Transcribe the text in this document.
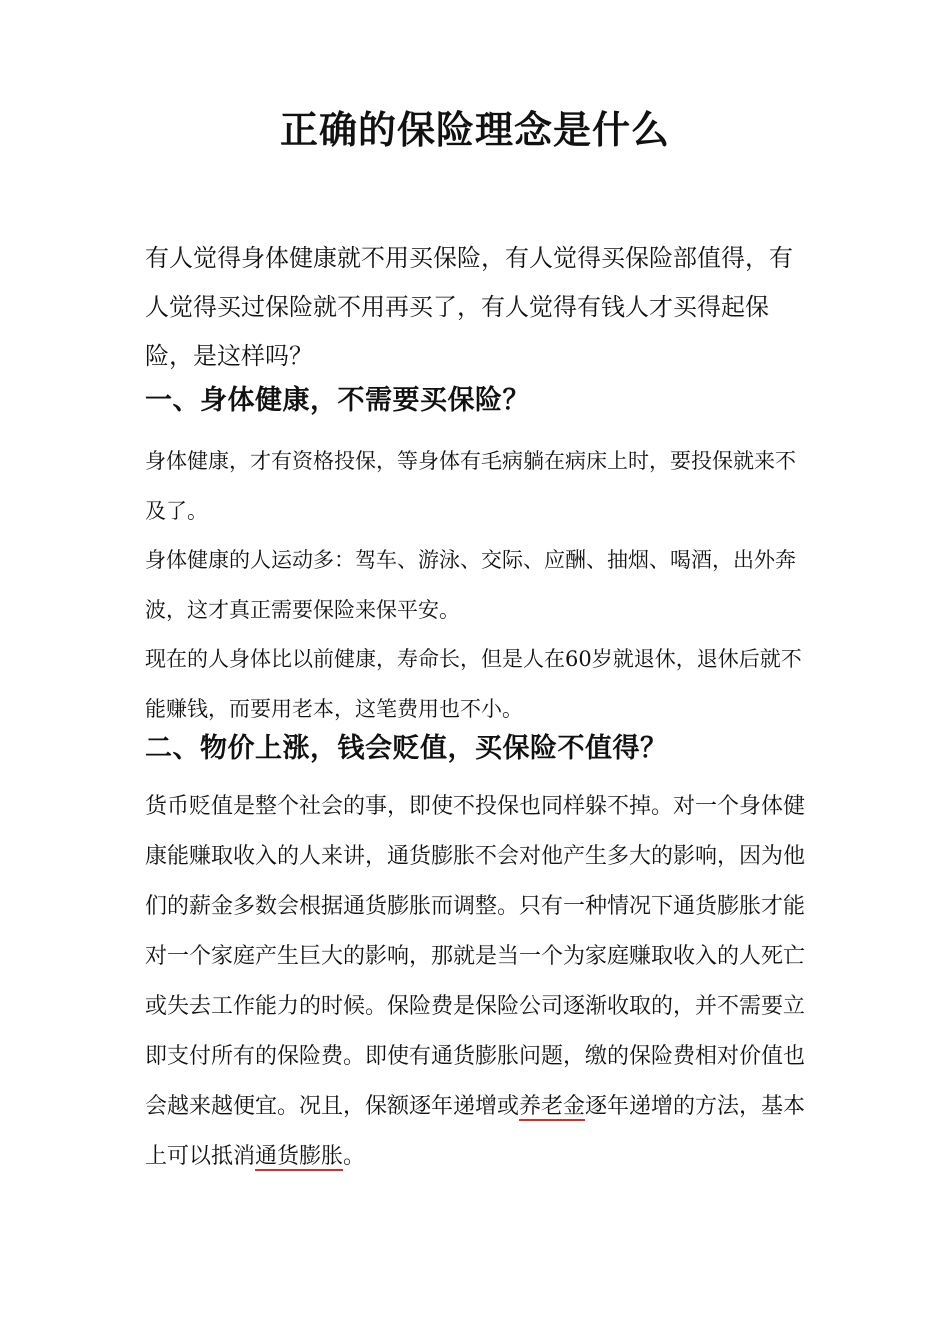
正确的保险理念是什么

有人觉得身体健康就不用买保险，有人觉得买保险部值得，有人觉得买过保险就不用再买了，有人觉得有钱人才买得起保险，是这样吗？

一、身体健康，不需要买保险？

身体健康，才有资格投保，等身体有毛病躺在病床上时，要投保就来不及了。

身体健康的人运动多：驾车、游泳、交际、应酬、抽烟、喝酒，出外奔波，这才真正需要保险来保平安。

现在的人身体比以前健康，寿命长，但是人在60岁就退休，退休后就不能赚钱，而要用老本，这笔费用也不小。

二、物价上涨，钱会贬值，买保险不值得？

货币贬值是整个社会的事，即使不投保也同样躲不掉。对一个身体健康能赚取收入的人来讲，通货膨胀不会对他产生多大的影响，因为他们的薪金多数会根据通货膨胀而调整。只有一种情况下通货膨胀才能对一个家庭产生巨大的影响，那就是当一个为家庭赚取收入的人死亡或失去工作能力的时候。保险费是保险公司逐渐收取的，并不需要立即支付所有的保险费。即使有通货膨胀问题，缴的保险费相对价值也会越来越便宜。况且，保额逐年递增或养老金逐年递增的方法，基本上可以抵消通货膨胀。
